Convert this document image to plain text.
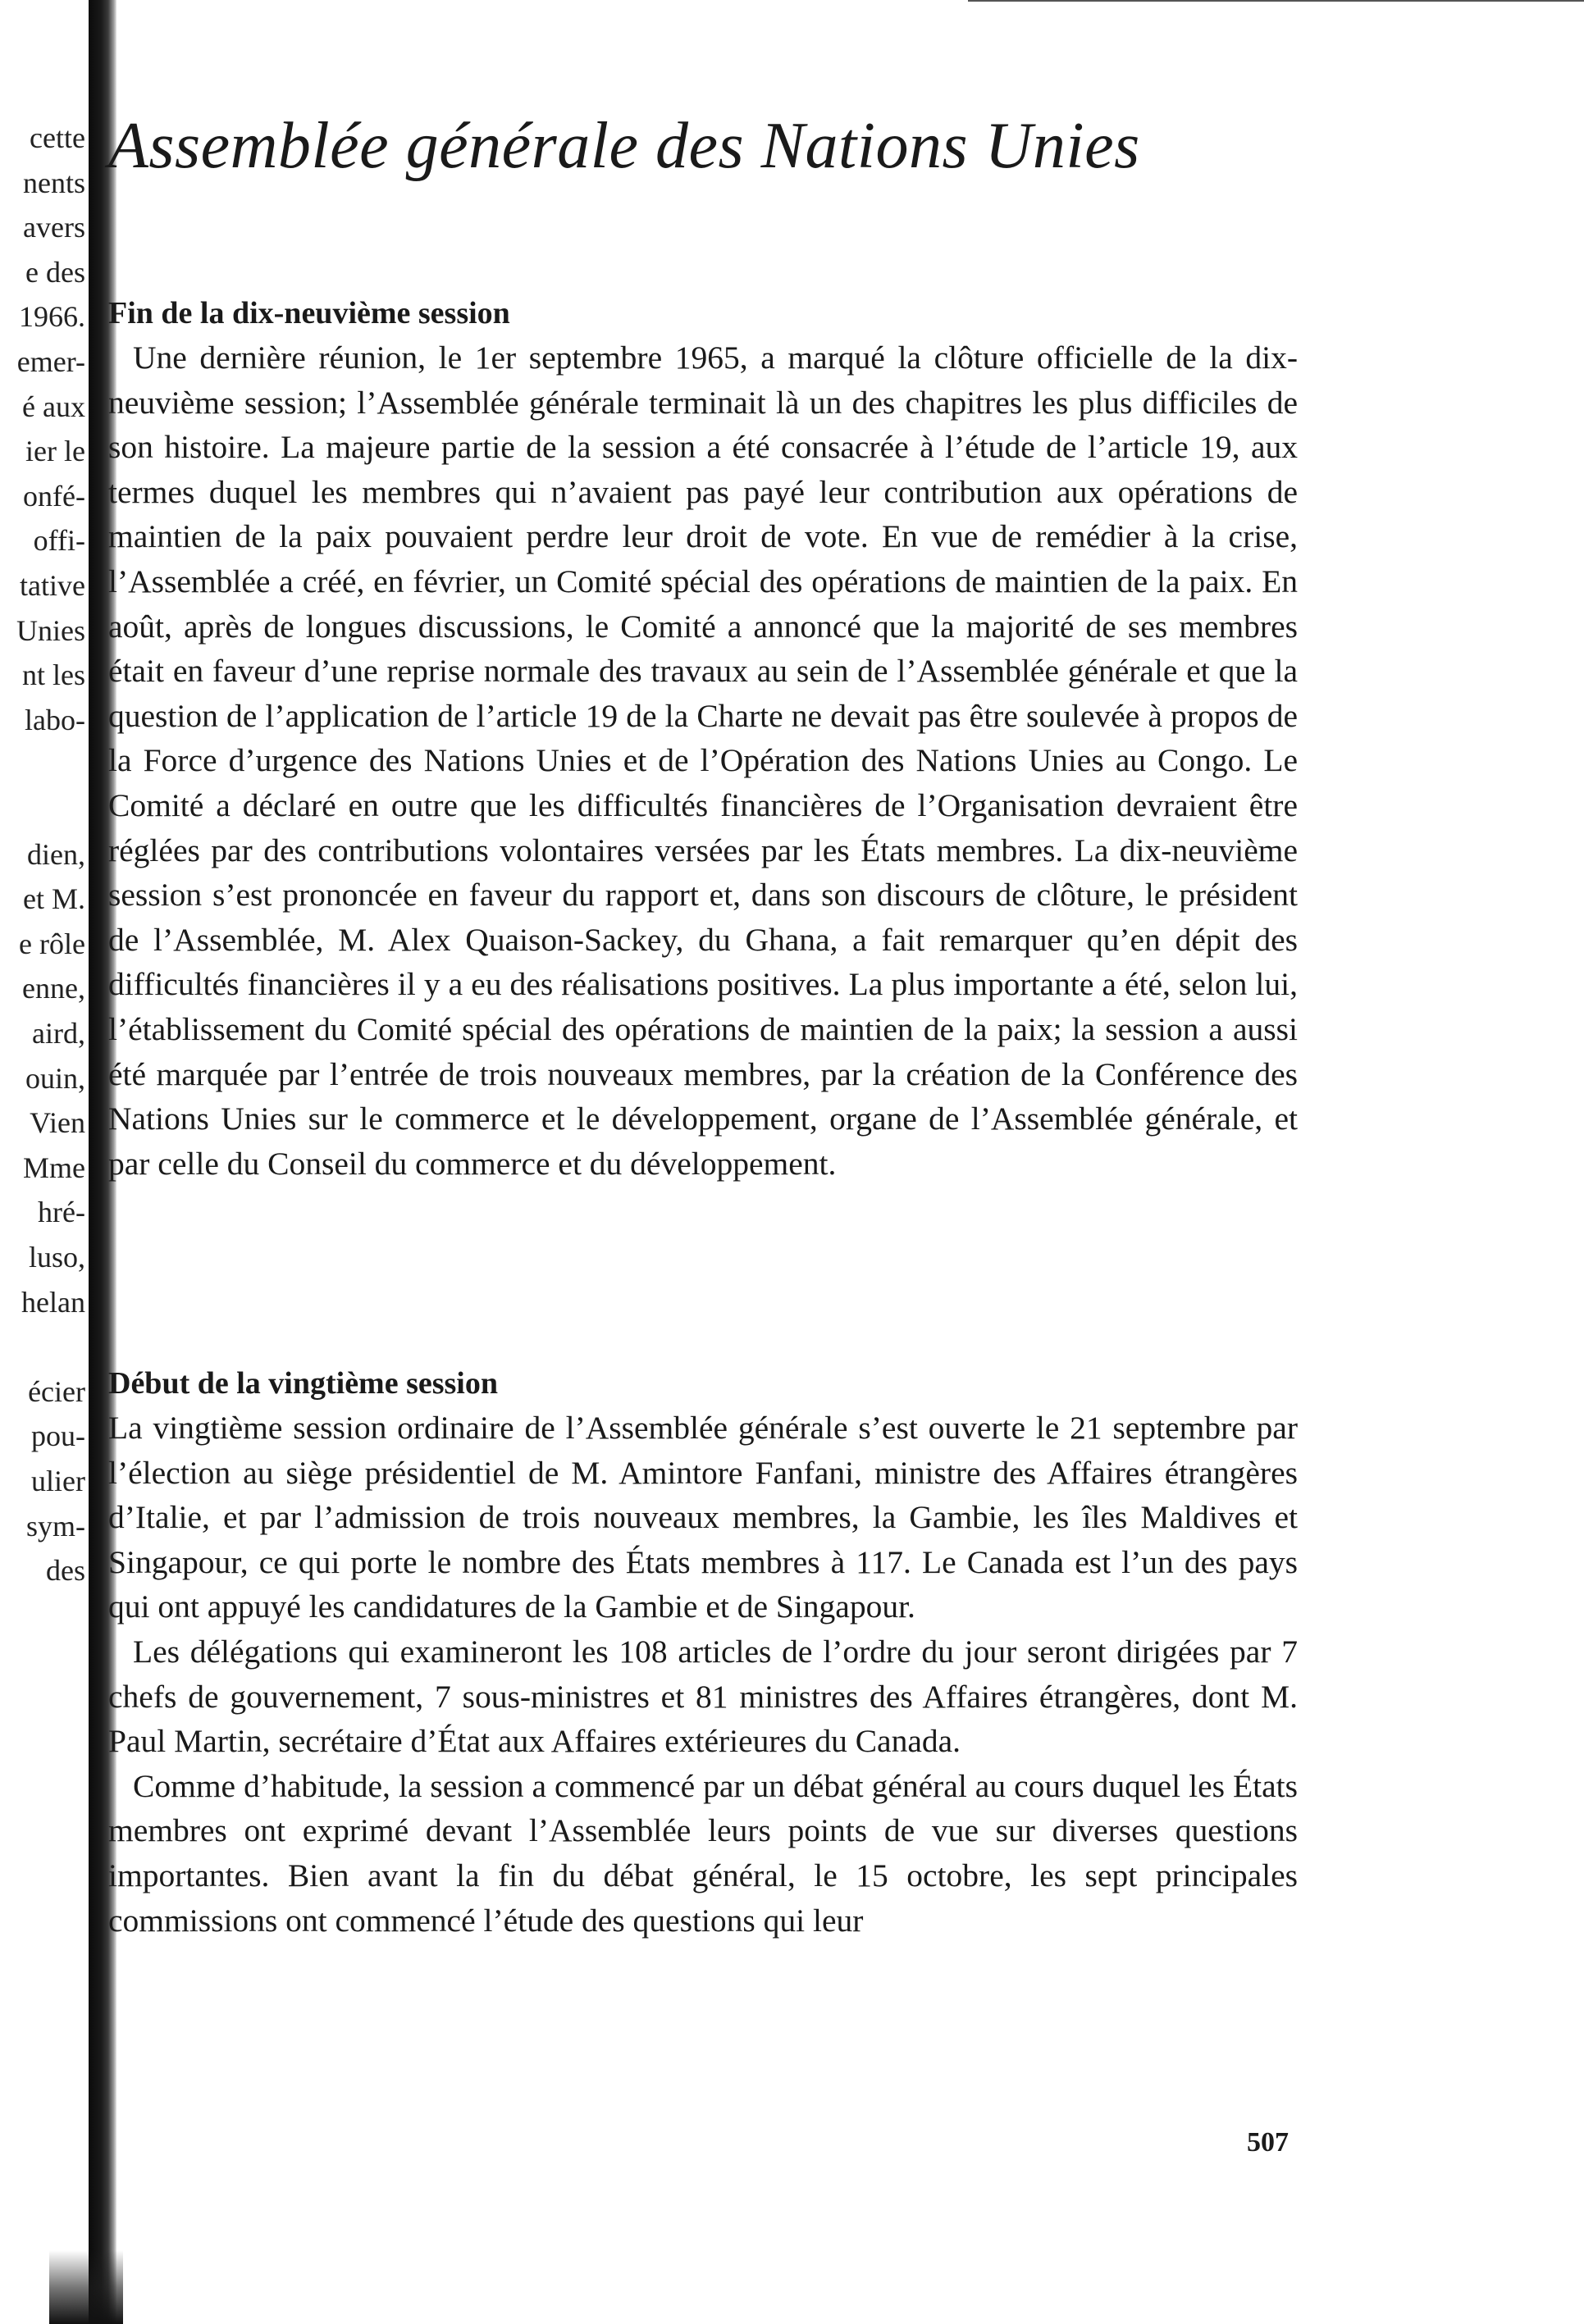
cette
nents
avers
e des
1966.
emer-
é aux
ier le
onfé-
offi-
tative
Unies
nt les
labo-
dien,
et M.
e rôle
enne,
aird,
ouin,
Vien
Mme
hré-
luso,
helan
écier
pou-
ulier
sym-
des
Assemblée générale des Nations Unies
Fin de la dix-neuvième session

Une dernière réunion, le 1er septembre 1965, a marqué la clôture officielle de la dix-neuvième session; l’Assemblée générale terminait là un des chapitres les plus difficiles de son histoire. La majeure partie de la session a été consacrée à l’étude de l’article 19, aux termes duquel les membres qui n’avaient pas payé leur contribution aux opérations de maintien de la paix pouvaient perdre leur droit de vote. En vue de remédier à la crise, l’Assemblée a créé, en février, un Comité spécial des opérations de maintien de la paix. En août, après de longues discussions, le Comité a annoncé que la majorité de ses membres était en faveur d’une reprise normale des travaux au sein de l’Assemblée générale et que la question de l’application de l’article 19 de la Charte ne devait pas être soulevée à propos de la Force d’urgence des Nations Unies et de l’Opération des Nations Unies au Congo. Le Comité a déclaré en outre que les difficultés financières de l’Organisation devraient être réglées par des contributions volontaires versées par les États membres. La dix-neuvième session s’est prononcée en faveur du rapport et, dans son discours de clôture, le président de l’Assemblée, M. Alex Quaison-Sackey, du Ghana, a fait remarquer qu’en dépit des difficultés financières il y a eu des réalisations positives. La plus importante a été, selon lui, l’établissement du Comité spécial des opérations de maintien de la paix; la session a aussi été marquée par l’entrée de trois nouveaux membres, par la création de la Conférence des Nations Unies sur le commerce et le développement, organe de l’Assemblée générale, et par celle du Conseil du commerce et du développement.

Début de la vingtième session

La vingtième session ordinaire de l’Assemblée générale s’est ouverte le 21 septembre par l’élection au siège présidentiel de M. Amintore Fanfani, ministre des Affaires étrangères d’Italie, et par l’admission de trois nouveaux membres, la Gambie, les îles Maldives et Singapour, ce qui porte le nombre des États membres à 117. Le Canada est l’un des pays qui ont appuyé les candidatures de la Gambie et de Singapour.

Les délégations qui examineront les 108 articles de l’ordre du jour seront dirigées par 7 chefs de gouvernement, 7 sous-ministres et 81 ministres des Affaires étrangères, dont M. Paul Martin, secrétaire d’État aux Affaires extérieures du Canada.

Comme d’habitude, la session a commencé par un débat général au cours duquel les États membres ont exprimé devant l’Assemblée leurs points de vue sur diverses questions importantes. Bien avant la fin du débat général, le 15 octobre, les sept principales commissions ont commencé l’étude des questions qui leur

507
